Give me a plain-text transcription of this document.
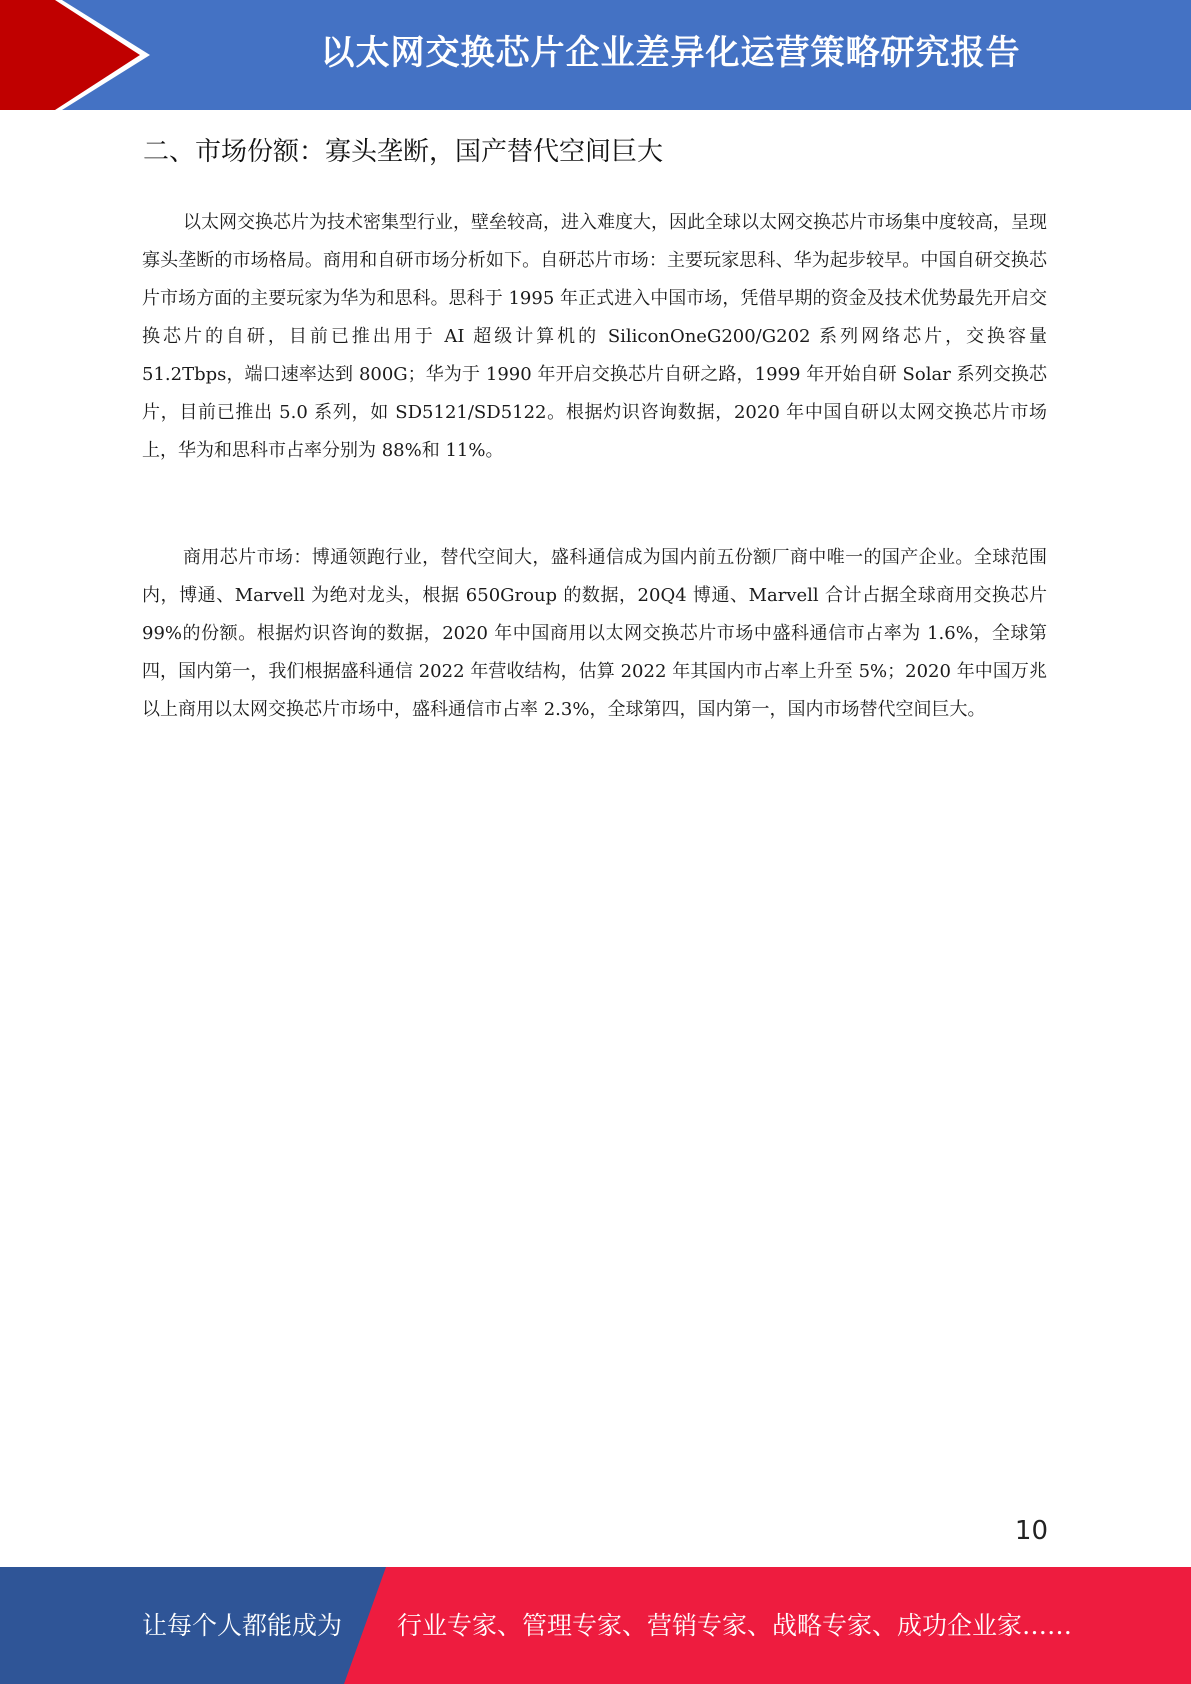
以太网交换芯片企业差异化运营策略研究报告
二、市场份额：寡头垄断，国产替代空间巨大

以太网交换芯片为技术密集型行业，壁垒较高，进入难度大，因此全球以太网交换芯片市场集中度较高，呈现寡头垄断的市场格局。商用和自研市场分析如下。自研芯片市场：主要玩家思科、华为起步较早。中国自研交换芯片市场方面的主要玩家为华为和思科。思科于 1995 年正式进入中国市场，凭借早期的资金及技术优势最先开启交换芯片的自研，目前已推出用于 AI 超级计算机的 SiliconOneG200/G202 系列网络芯片，交换容量 51.2Tbps，端口速率达到 800G；华为于 1990 年开启交换芯片自研之路，1999 年开始自研 Solar 系列交换芯片，目前已推出 5.0 系列，如 SD5121/SD5122。根据灼识咨询数据，2020 年中国自研以太网交换芯片市场上，华为和思科市占率分别为 88%和 11%。

商用芯片市场：博通领跑行业，替代空间大，盛科通信成为国内前五份额厂商中唯一的国产企业。全球范围内，博通、Marvell 为绝对龙头，根据 650Group 的数据，20Q4 博通、Marvell 合计占据全球商用交换芯片 99%的份额。根据灼识咨询的数据，2020 年中国商用以太网交换芯片市场中盛科通信市占率为 1.6%，全球第四，国内第一，我们根据盛科通信 2022 年营收结构，估算 2022 年其国内市占率上升至 5%；2020 年中国万兆以上商用以太网交换芯片市场中，盛科通信市占率 2.3%，全球第四，国内第一，国内市场替代空间巨大。

10
让每个人都能成为 行业专家、管理专家、营销专家、战略专家、成功企业家……
